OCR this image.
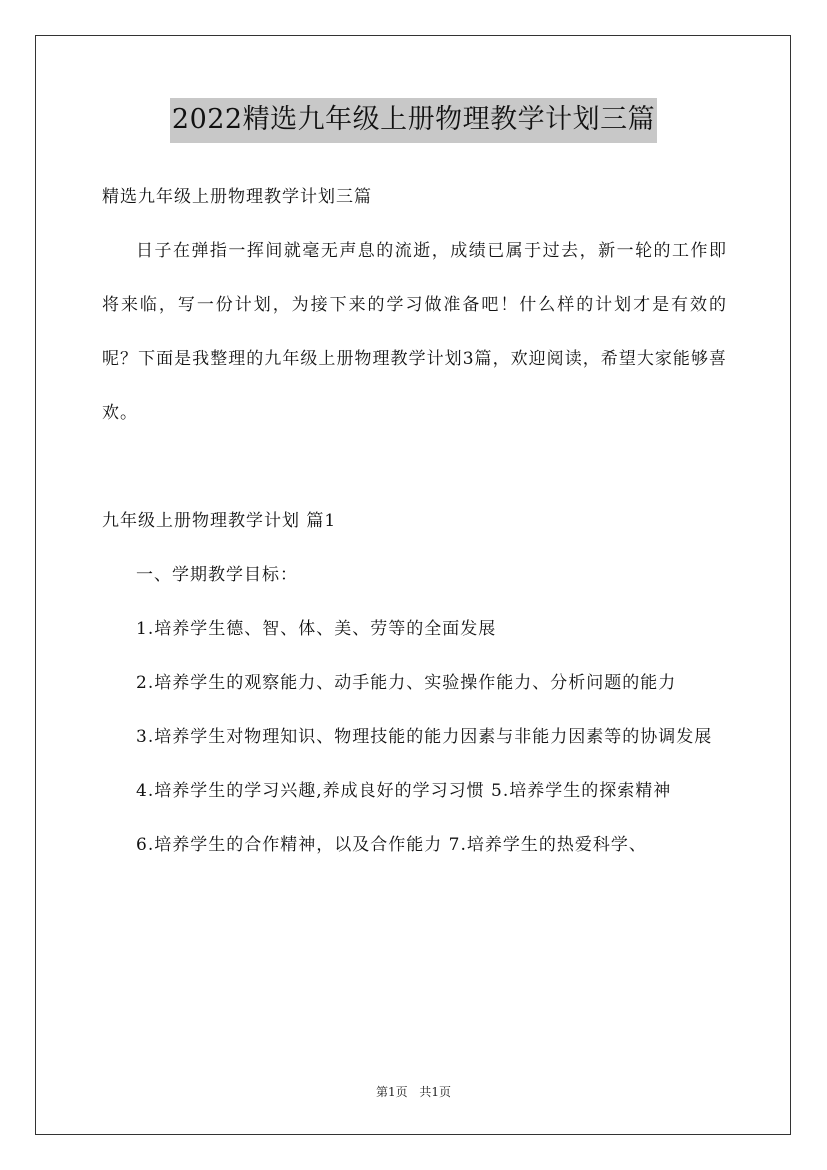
2022精选九年级上册物理教学计划三篇

精选九年级上册物理教学计划三篇

日子在弹指一挥间就毫无声息的流逝，成绩已属于过去，新一轮的工作即将来临，写一份计划，为接下来的学习做准备吧！什么样的计划才是有效的呢？下面是我整理的九年级上册物理教学计划3篇，欢迎阅读，希望大家能够喜欢。

九年级上册物理教学计划 篇1

一、学期教学目标：

1.培养学生德、智、体、美、劳等的全面发展

2.培养学生的观察能力、动手能力、实验操作能力、分析问题的能力

3.培养学生对物理知识、物理技能的能力因素与非能力因素等的协调发展

4.培养学生的学习兴趣,养成良好的学习习惯 5.培养学生的探索精神

6.培养学生的合作精神，以及合作能力 7.培养学生的热爱科学、

第1页 共1页
